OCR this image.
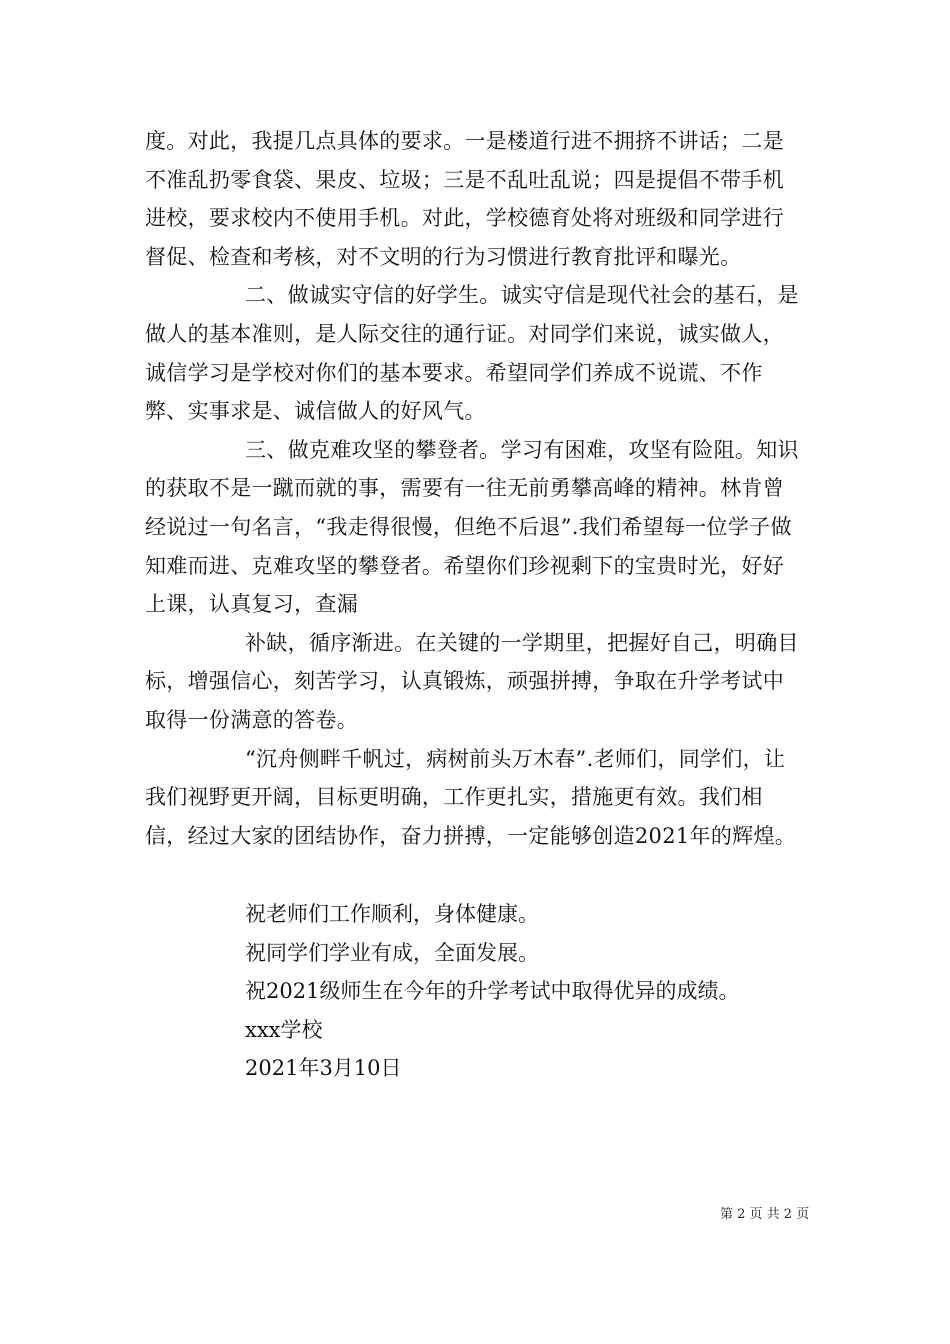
度。对此，我提几点具体的要求。一是楼道行进不拥挤不讲话；二是不准乱扔零食袋、果皮、垃圾；三是不乱吐乱说；四是提倡不带手机进校，要求校内不使用手机。对此，学校德育处将对班级和同学进行督促、检查和考核，对不文明的行为习惯进行教育批评和曝光。

二、做诚实守信的好学生。诚实守信是现代社会的基石，是做人的基本准则，是人际交往的通行证。对同学们来说，诚实做人，诚信学习是学校对你们的基本要求。希望同学们养成不说谎、不作弊、实事求是、诚信做人的好风气。

三、做克难攻坚的攀登者。学习有困难，攻坚有险阻。知识的获取不是一蹴而就的事，需要有一往无前勇攀高峰的精神。林肯曾经说过一句名言，“我走得很慢，但绝不后退”.我们希望每一位学子做知难而进、克难攻坚的攀登者。希望你们珍视剩下的宝贵时光，好好上课，认真复习，查漏

补缺，循序渐进。在关键的一学期里，把握好自己，明确目标，增强信心，刻苦学习，认真锻炼，顽强拼搏，争取在升学考试中取得一份满意的答卷。

“沉舟侧畔千帆过，病树前头万木春”.老师们，同学们，让我们视野更开阔，目标更明确，工作更扎实，措施更有效。我们相信，经过大家的团结协作，奋力拼搏，一定能够创造2021年的辉煌。

祝老师们工作顺利，身体健康。

祝同学们学业有成，全面发展。

祝2021级师生在今年的升学考试中取得优异的成绩。

xxx学校

2021年3月10日

第 2 页 共 2 页
